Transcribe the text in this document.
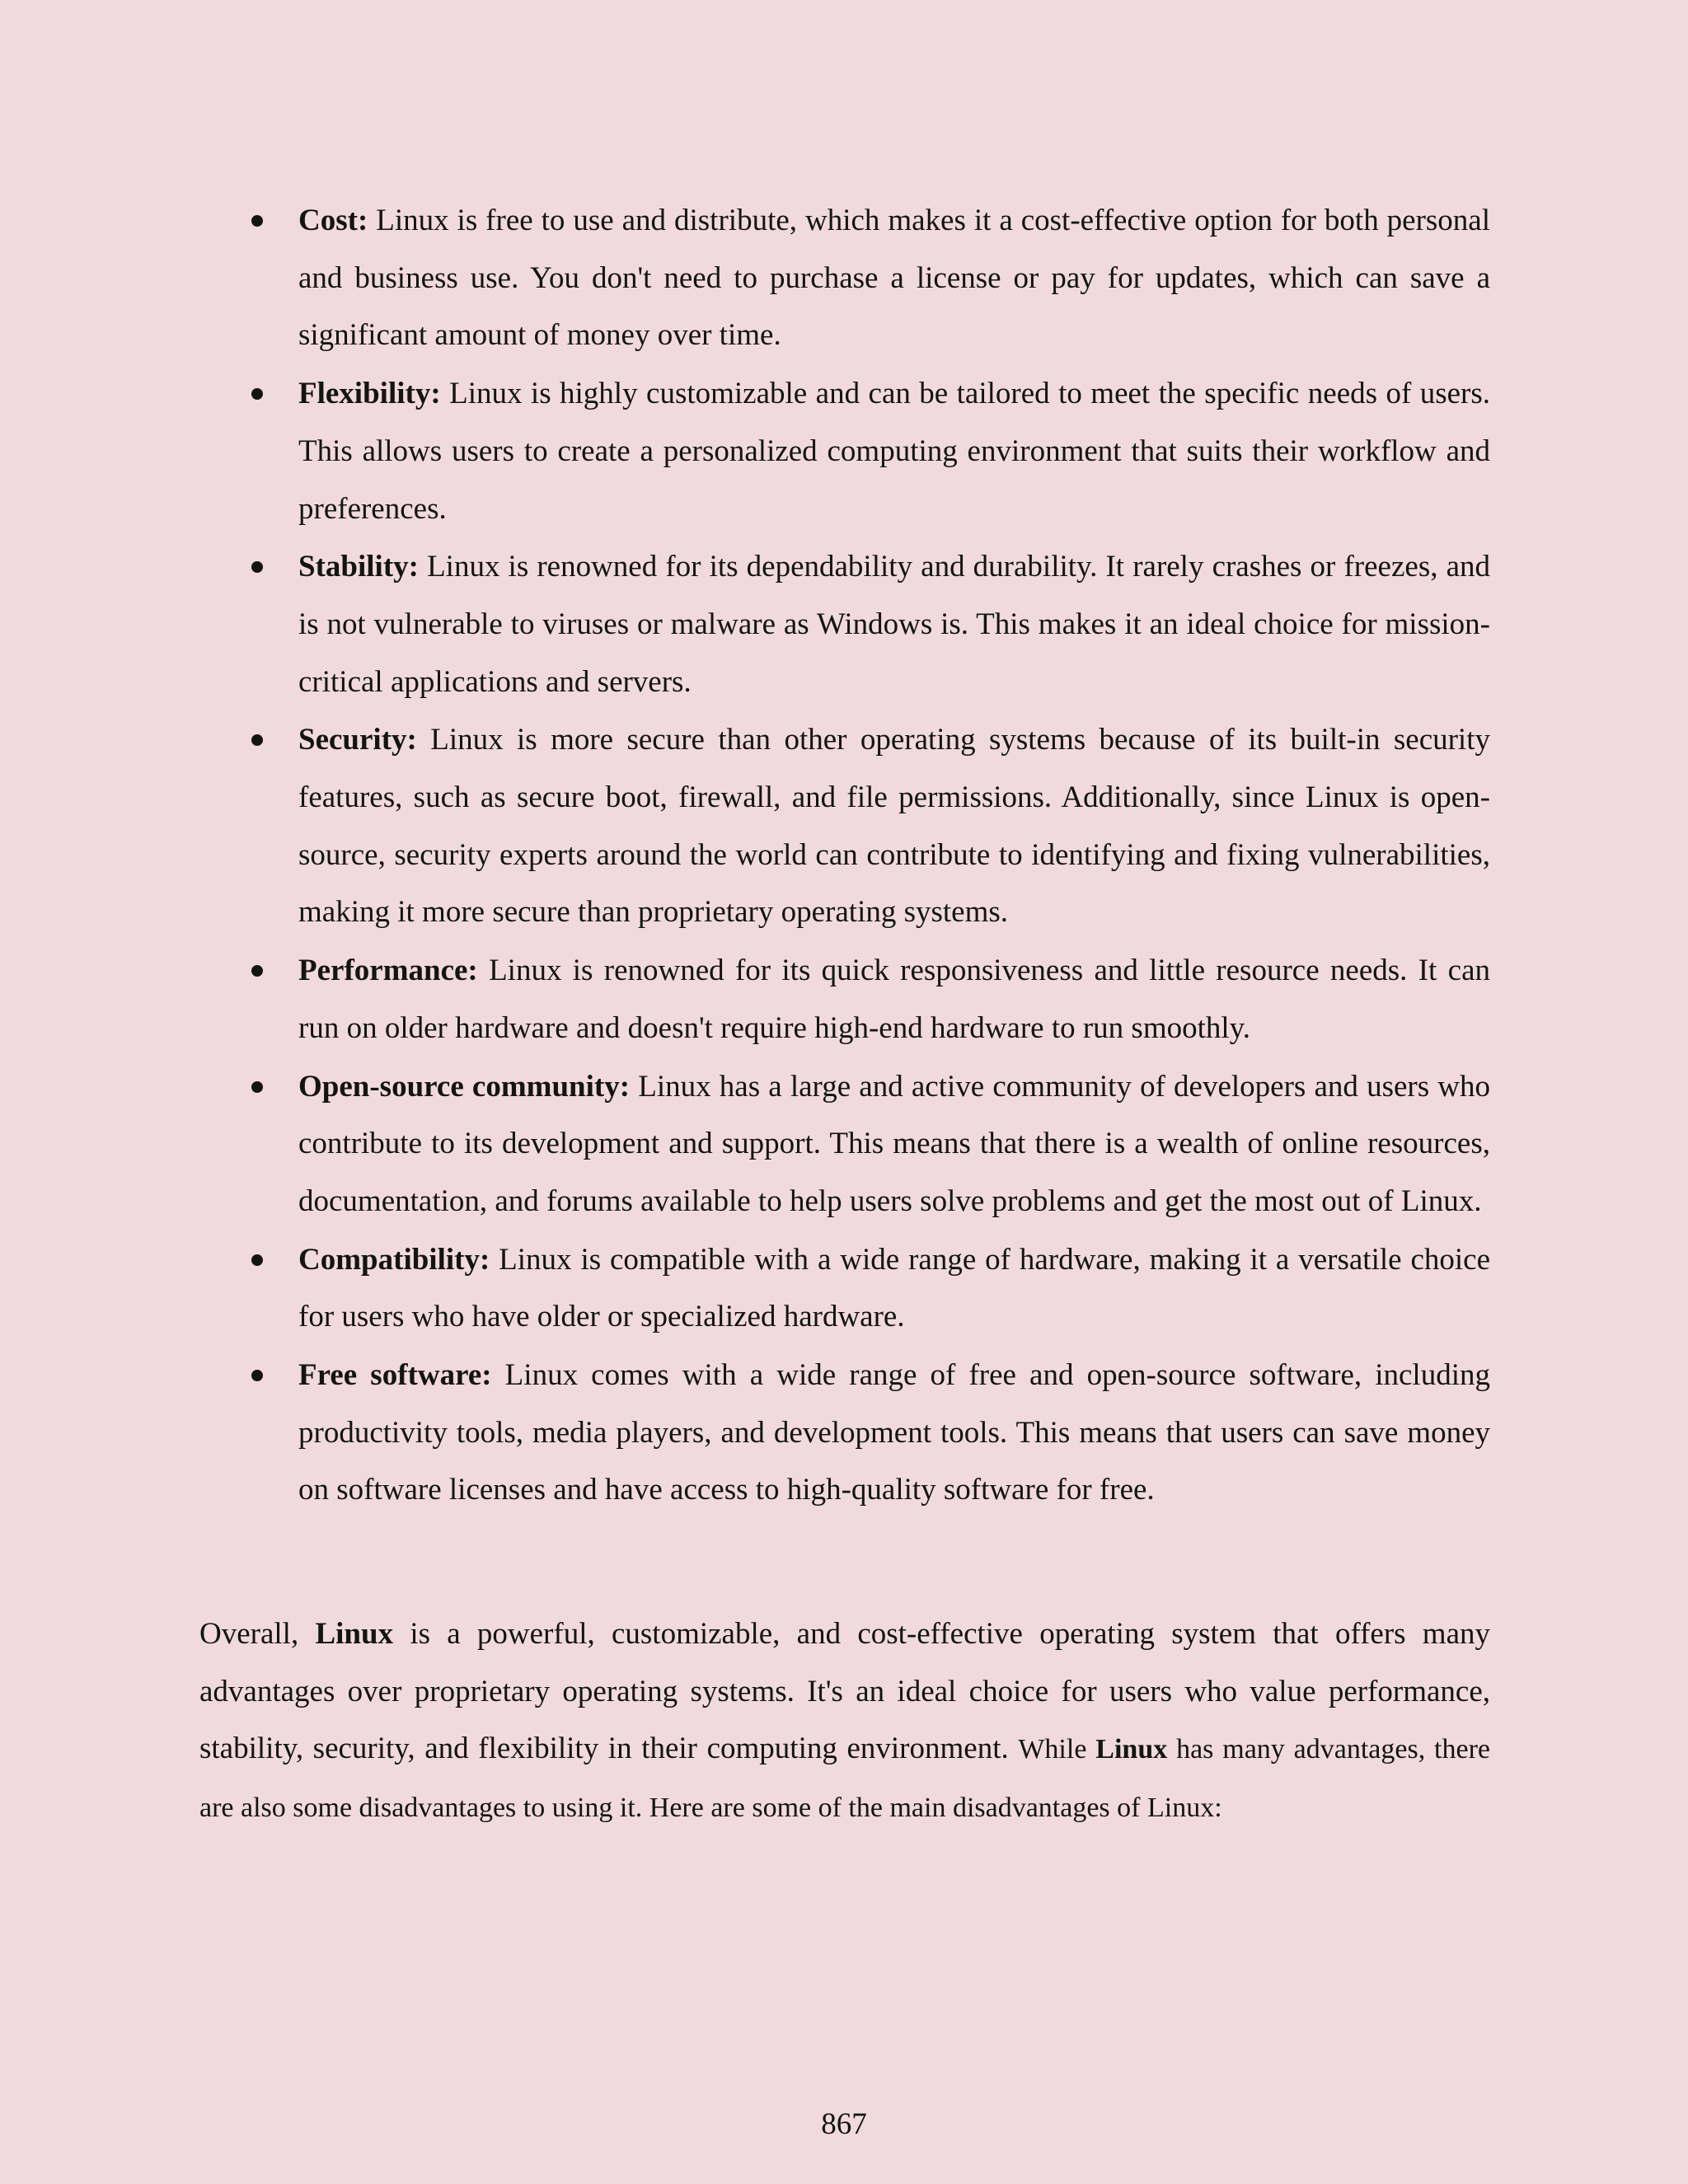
Cost: Linux is free to use and distribute, which makes it a cost-effective option for both personal and business use. You don't need to purchase a license or pay for updates, which can save a significant amount of money over time.
Flexibility: Linux is highly customizable and can be tailored to meet the specific needs of users. This allows users to create a personalized computing environment that suits their workflow and preferences.
Stability: Linux is renowned for its dependability and durability. It rarely crashes or freezes, and is not vulnerable to viruses or malware as Windows is. This makes it an ideal choice for mission-critical applications and servers.
Security: Linux is more secure than other operating systems because of its built-in security features, such as secure boot, firewall, and file permissions. Additionally, since Linux is open-source, security experts around the world can contribute to identifying and fixing vulnerabilities, making it more secure than proprietary operating systems.
Performance: Linux is renowned for its quick responsiveness and little resource needs. It can run on older hardware and doesn't require high-end hardware to run smoothly.
Open-source community: Linux has a large and active community of developers and users who contribute to its development and support. This means that there is a wealth of online resources, documentation, and forums available to help users solve problems and get the most out of Linux.
Compatibility: Linux is compatible with a wide range of hardware, making it a versatile choice for users who have older or specialized hardware.
Free software: Linux comes with a wide range of free and open-source software, including productivity tools, media players, and development tools. This means that users can save money on software licenses and have access to high-quality software for free.

Overall, Linux is a powerful, customizable, and cost-effective operating system that offers many advantages over proprietary operating systems. It's an ideal choice for users who value performance, stability, security, and flexibility in their computing environment. While Linux has many advantages, there are also some disadvantages to using it. Here are some of the main disadvantages of Linux:

867
